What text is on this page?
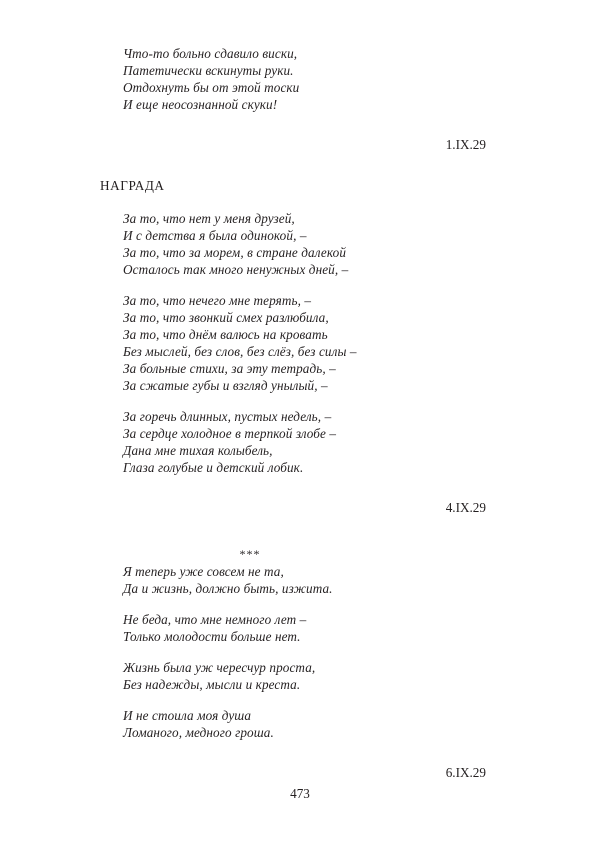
Что-то больно сдавило виски,
Патетически вскинуты руки.
Отдохнуть бы от этой тоски
И еще неосознанной скуки!
1.IX.29
НАГРАДА
За то, что нет у меня друзей,
И с детства я была одинокой, –
За то, что за морем, в стране далекой
Осталось так много ненужных дней, –
За то, что нечего мне терять, –
За то, что звонкий смех разлюбила,
За то, что днём валюсь на кровать
Без мыслей, без слов, без слёз, без силы –
За больные стихи, за эту тетрадь, –
За сжатые губы и взгляд унылый, –
За горечь длинных, пустых недель, –
За сердце холодное в терпкой злобе –
Дана мне тихая колыбель,
Глаза голубые и детский лобик.
4.IX.29
***
Я теперь уже совсем не та,
Да и жизнь, должно быть, изжита.
Не беда, что мне немного лет –
Только молодости больше нет.
Жизнь была уж чересчур проста,
Без надежды, мысли и креста.
И не стоила моя душа
Ломаного, медного гроша.
6.IX.29
473
